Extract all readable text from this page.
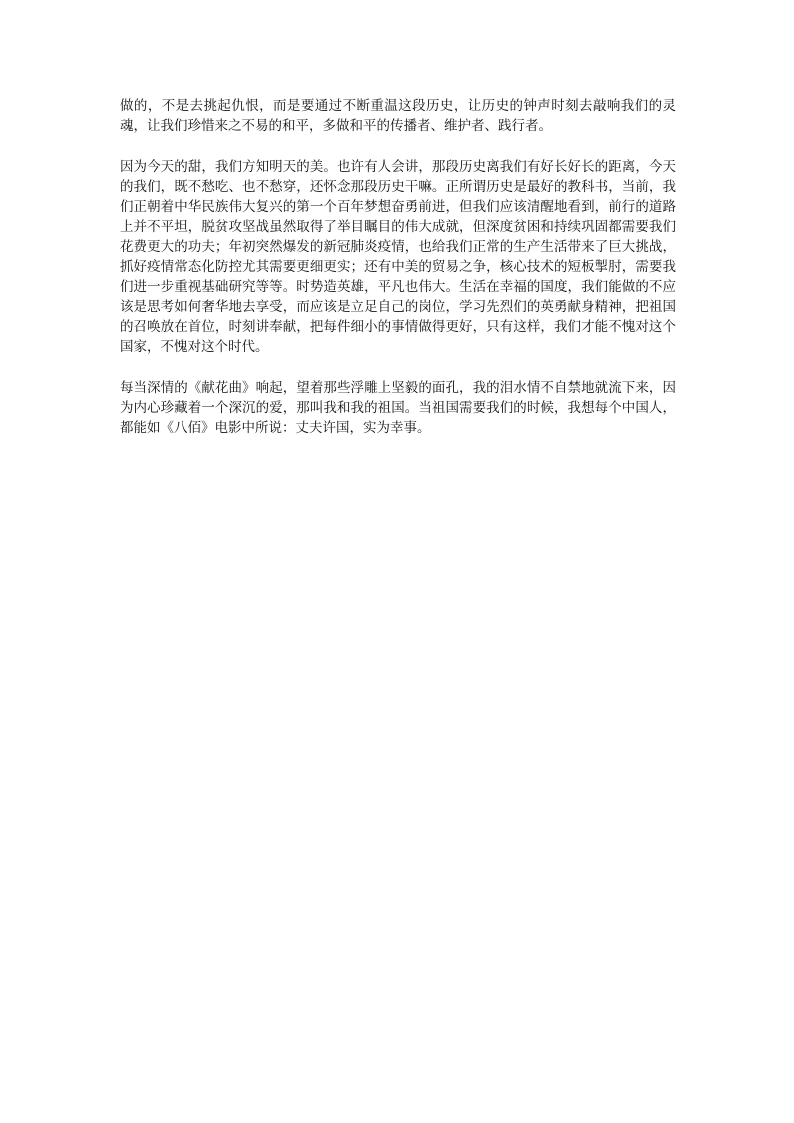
做的，不是去挑起仇恨，而是要通过不断重温这段历史，让历史的钟声时刻去敲响我们的灵魂，让我们珍惜来之不易的和平，多做和平的传播者、维护者、践行者。

因为今天的甜，我们方知明天的美。也许有人会讲，那段历史离我们有好长好长的距离，今天的我们，既不愁吃、也不愁穿，还怀念那段历史干嘛。正所谓历史是最好的教科书，当前，我们正朝着中华民族伟大复兴的第一个百年梦想奋勇前进，但我们应该清醒地看到，前行的道路上并不平坦，脱贫攻坚战虽然取得了举目瞩目的伟大成就，但深度贫困和持续巩固都需要我们花费更大的功夫；年初突然爆发的新冠肺炎疫情，也给我们正常的生产生活带来了巨大挑战，抓好疫情常态化防控尤其需要更细更实；还有中美的贸易之争，核心技术的短板掣肘，需要我们进一步重视基础研究等等。时势造英雄，平凡也伟大。生活在幸福的国度，我们能做的不应该是思考如何奢华地去享受，而应该是立足自己的岗位，学习先烈们的英勇献身精神，把祖国的召唤放在首位，时刻讲奉献，把每件细小的事情做得更好，只有这样，我们才能不愧对这个国家，不愧对这个时代。

每当深情的《献花曲》响起，望着那些浮雕上坚毅的面孔，我的泪水情不自禁地就流下来，因为内心珍藏着一个深沉的爱，那叫我和我的祖国。当祖国需要我们的时候，我想每个中国人，都能如《八佰》电影中所说：丈夫许国，实为幸事。
